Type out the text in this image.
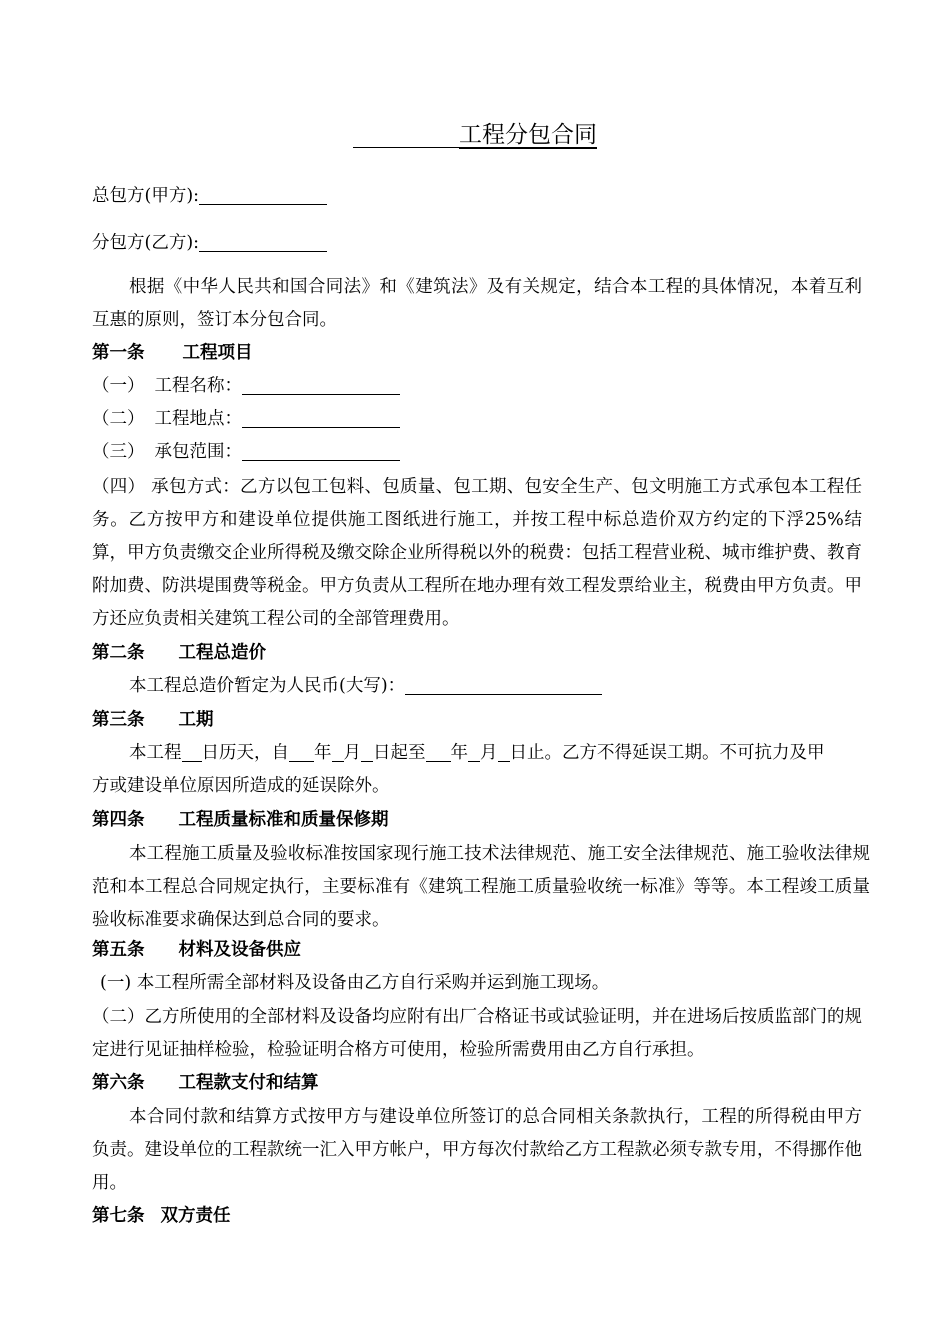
工程分包合同
总包方(甲方):
分包方(乙方):
根据《中华人民共和国合同法》和《建筑法》及有关规定，结合本工程的具体情况，本着互利互惠的原则，签订本分包合同。
第一条 工程项目
（一） 工程名称：
（二） 工程地点：
（三） 承包范围：
（四） 承包方式：乙方以包工包料、包质量、包工期、包安全生产、包文明施工方式承包本工程任务。乙方按甲方和建设单位提供施工图纸进行施工，并按工程中标总造价双方约定的下浮25%结算，甲方负责缴交企业所得税及缴交除企业所得税以外的税费：包括工程营业税、城市维护费、教育附加费、防洪堤围费等税金。甲方负责从工程所在地办理有效工程发票给业主，税费由甲方负责。甲方还应负责相关建筑工程公司的全部管理费用。
第二条 工程总造价
本工程总造价暂定为人民币(大写)：
第三条 工期
本工程 日历天，自 年 月 日起至 年 月 日止。乙方不得延误工期。不可抗力及甲
方或建设单位原因所造成的延误除外。
第四条 工程质量标准和质量保修期
本工程施工质量及验收标准按国家现行施工技术法律规范、施工安全法律规范、施工验收法律规范和本工程总合同规定执行，主要标准有《建筑工程施工质量验收统一标准》等等。本工程竣工质量验收标准要求确保达到总合同的要求。
第五条 材料及设备供应
(一) 本工程所需全部材料及设备由乙方自行采购并运到施工现场。
（二）乙方所使用的全部材料及设备均应附有出厂合格证书或试验证明，并在进场后按质监部门的规定进行见证抽样检验，检验证明合格方可使用，检验所需费用由乙方自行承担。
第六条 工程款支付和结算
本合同付款和结算方式按甲方与建设单位所签订的总合同相关条款执行，工程的所得税由甲方负责。建设单位的工程款统一汇入甲方帐户，甲方每次付款给乙方工程款必须专款专用，不得挪作他用。
第七条 双方责任
